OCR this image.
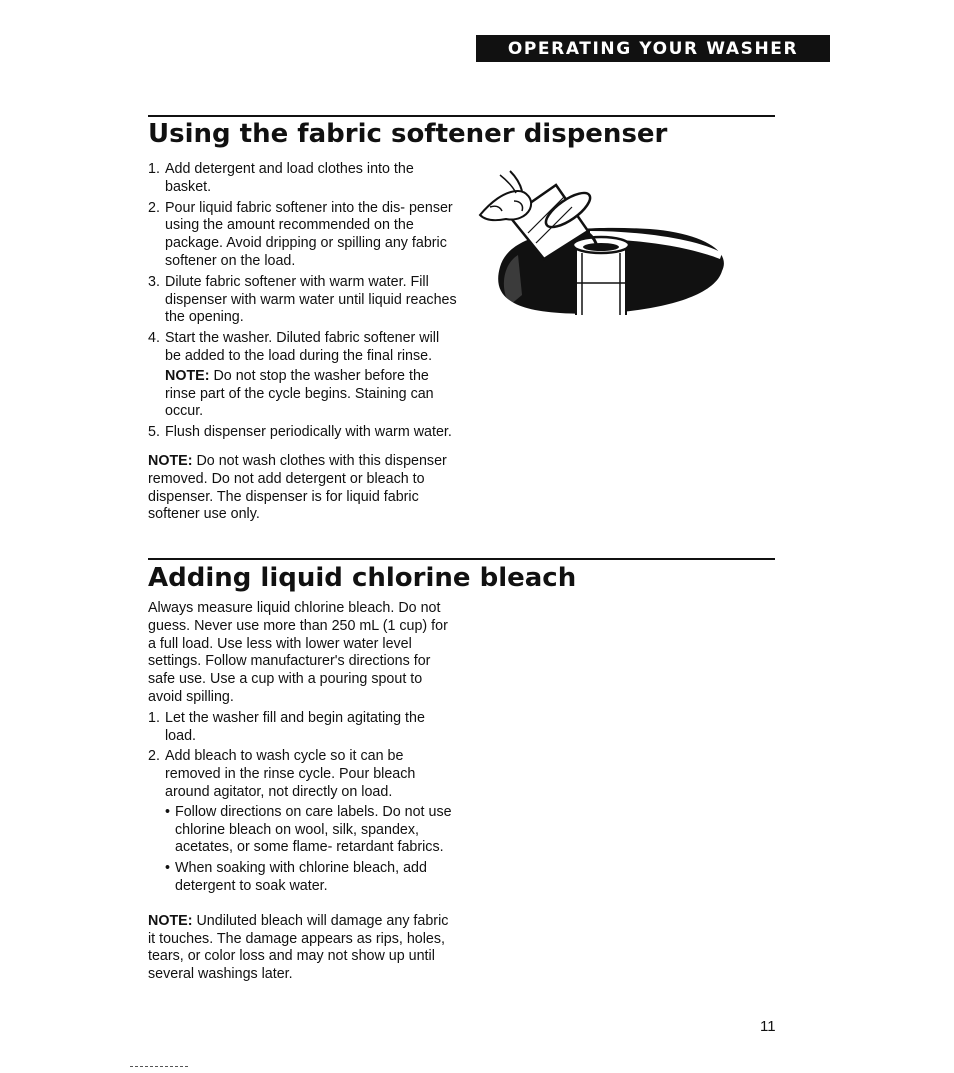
OPERATING YOUR WASHER
Using the fabric softener dispenser
1. Add detergent and load clothes into the basket.
2. Pour liquid fabric softener into the dis- penser using the amount recommended on the package. Avoid dripping or spilling any fabric softener on the load.
3. Dilute fabric softener with warm water. Fill dispenser with warm water until liquid reaches the opening.
4. Start the washer. Diluted fabric softener will be added to the load during the final rinse.

NOTE: Do not stop the washer before the rinse part of the cycle begins. Staining can occur.

5. Flush dispenser periodically with warm water.

NOTE: Do not wash clothes with this dispenser removed. Do not add detergent or bleach to dispenser. The dispenser is for liquid fabric softener use only.

Adding liquid chlorine bleach

Always measure liquid chlorine bleach. Do not guess. Never use more than 250 mL (1 cup) for a full load. Use less with lower water level settings. Follow manufacturer's directions for safe use. Use a cup with a pouring spout to avoid spilling.

1. Let the washer fill and begin agitating the load.
2. Add bleach to wash cycle so it can be removed in the rinse cycle. Pour bleach around agitator, not directly on load.
• Follow directions on care labels. Do not use chlorine bleach on wool, silk, spandex, acetates, or some flame- retardant fabrics.
• When soaking with chlorine bleach, add detergent to soak water.

NOTE: Undiluted bleach will damage any fabric it touches. The damage appears as rips, holes, tears, or color loss and may not show up until several washings later.

11
